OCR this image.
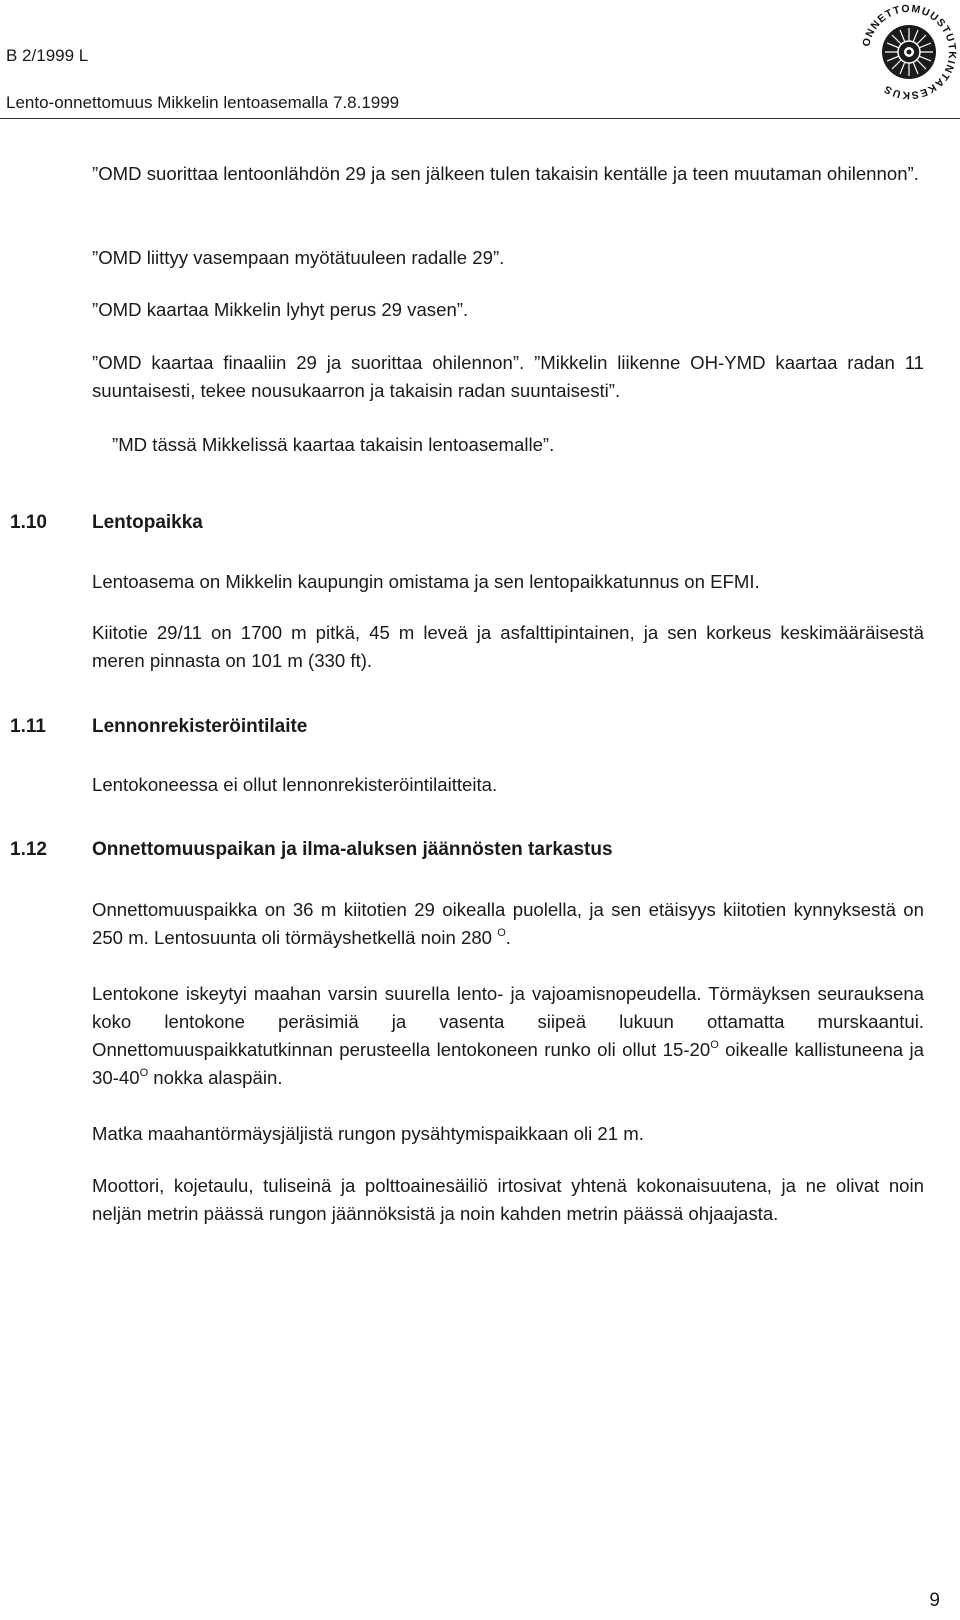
B 2/1999 L
Lento-onnettomuus Mikkelin lentoasemalla 7.8.1999
ONNETTOMUUSTUTKINTAKESKUS

”OMD suorittaa lentoonlähdön 29 ja sen jälkeen tulen takaisin kentälle ja teen muutaman ohilennon”.

”OMD liittyy vasempaan myötätuuleen radalle 29”.

”OMD kaartaa Mikkelin lyhyt perus 29 vasen”.

”OMD kaartaa finaaliin 29 ja suorittaa ohilennon”. ”Mikkelin liikenne OH-YMD kaartaa radan 11 suuntaisesti, tekee nousukaarron ja takaisin radan suuntaisesti”.

”MD tässä Mikkelissä kaartaa takaisin lentoasemalle”.

1.10 Lentopaikka

Lentoasema on Mikkelin kaupungin omistama ja sen lentopaikkatunnus on EFMI.

Kiitotie 29/11 on 1700 m pitkä, 45 m leveä ja asfalttipintainen, ja sen korkeus keskimääräisestä meren pinnasta on 101 m (330 ft).

1.11 Lennonrekisteröintilaite

Lentokoneessa ei ollut lennonrekisteröintilaitteita.

1.12 Onnettomuuspaikan ja ilma-aluksen jäännösten tarkastus

Onnettomuuspaikka on 36 m kiitotien 29 oikealla puolella, ja sen etäisyys kiitotien kynnyksestä on 250 m. Lentosuunta oli törmäyshetkellä noin 280 $^O$.

Lentokone iskeytyi maahan varsin suurella lento- ja vajoamisnopeudella. Törmäyksen seurauksena koko lentokone peräsimiä ja vasenta siipeä lukuun ottamatta murskaantui. Onnettomuuspaikkatutkinnan perusteella lentokoneen runko oli ollut $15-20^O$ oikealle kallistuneena ja $30-40^O$ nokka alaspäin.

Matka maahantörmäysjäljistä rungon pysähtymispaikkaan oli 21 m.

Moottori, kojetaulu, tuliseinä ja polttoainesäiliö irtosivat yhtenä kokonaisuutena, ja ne olivat noin neljän metrin päässä rungon jäännöksistä ja noin kahden metrin päässä ohjaajasta.

9
